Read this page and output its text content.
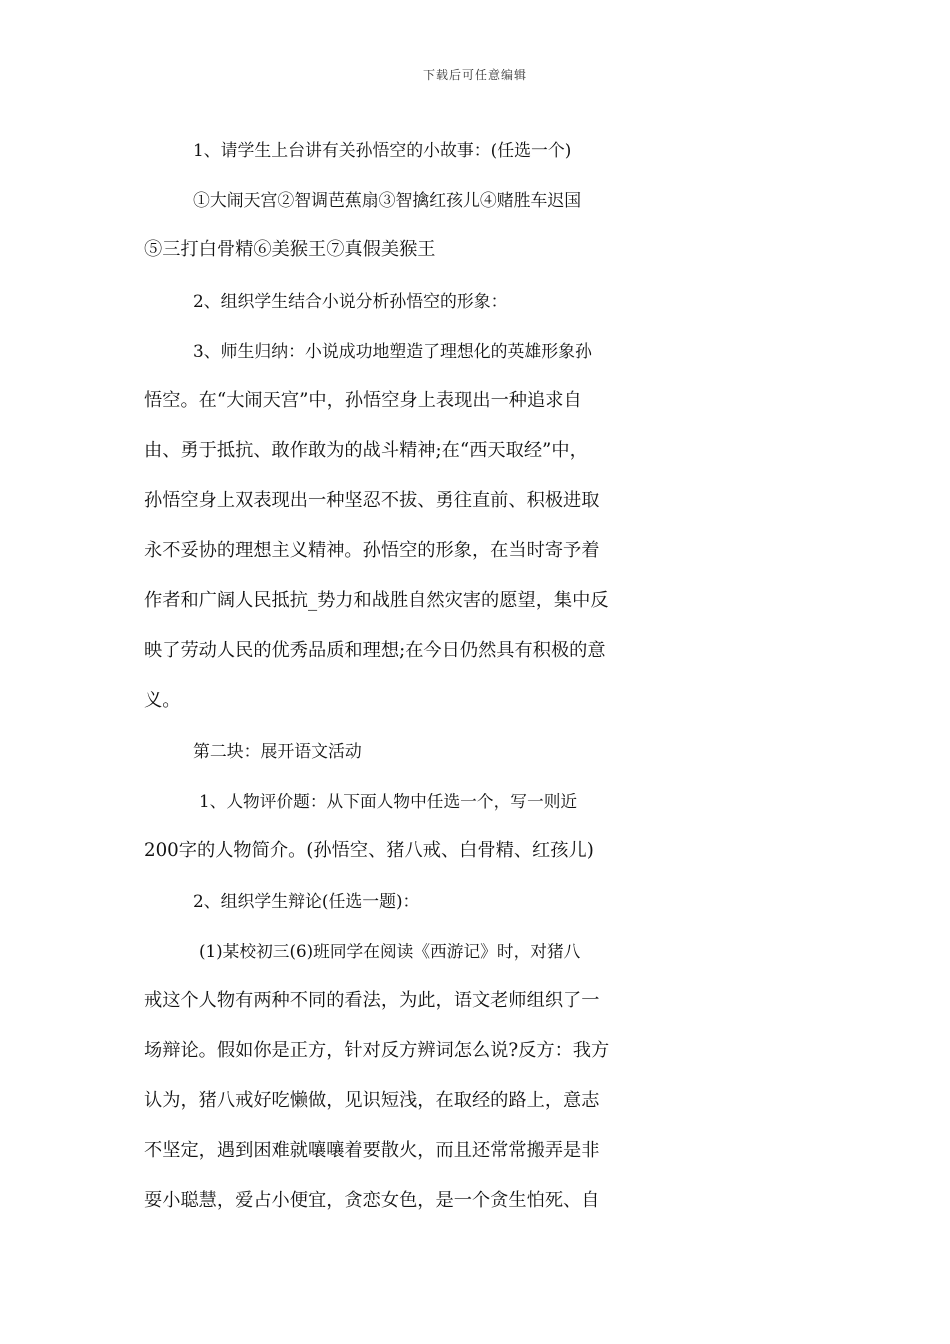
下载后可任意编辑

1、请学生上台讲有关孙悟空的小故事：(任选一个)

①大闹天宫②智调芭蕉扇③智擒红孩儿④赌胜车迟国

⑤三打白骨精⑥美猴王⑦真假美猴王

2、组织学生结合小说分析孙悟空的形象：

3、师生归纳：小说成功地塑造了理想化的英雄形象孙

悟空。在“大闹天宫”中，孙悟空身上表现出一种追求自

由、勇于抵抗、敢作敢为的战斗精神;在“西天取经”中，

孙悟空身上双表现出一种坚忍不拔、勇往直前、积极进取

永不妥协的理想主义精神。孙悟空的形象，在当时寄予着

作者和广阔人民抵抗_势力和战胜自然灾害的愿望，集中反

映了劳动人民的优秀品质和理想;在今日仍然具有积极的意

义。

第二块：展开语文活动

1、人物评价题：从下面人物中任选一个，写一则近

200字的人物简介。(孙悟空、猪八戒、白骨精、红孩儿)

2、组织学生辩论(任选一题)：

(1)某校初三(6)班同学在阅读《西游记》时，对猪八

戒这个人物有两种不同的看法，为此，语文老师组织了一

场辩论。假如你是正方，针对反方辨词怎么说?反方：我方

认为，猪八戒好吃懒做，见识短浅，在取经的路上，意志

不坚定，遇到困难就嚷嚷着要散火，而且还常常搬弄是非

耍小聪慧，爱占小便宜，贪恋女色，是一个贪生怕死、自
